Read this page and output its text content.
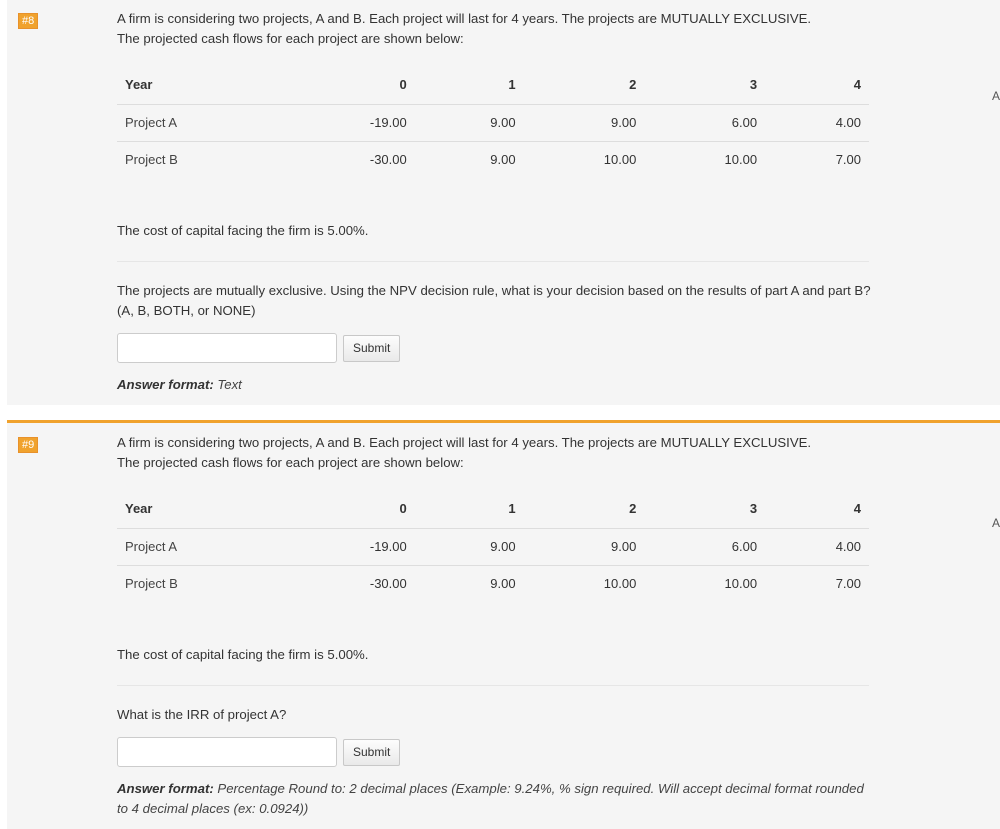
#8
A
A firm is considering two projects, A and B. Each project will last for 4 years. The projects are MUTUALLY EXCLUSIVE.
The projected cash flows for each project are shown below:
Year	0	1	2	3	4
Project A	-19.00	9.00	9.00	6.00	4.00
Project B	-30.00	9.00	10.00	10.00	7.00
The cost of capital facing the firm is 5.00%.
The projects are mutually exclusive. Using the NPV decision rule, what is your decision based on the results of part A and part B? (A, B, BOTH, or NONE)
Submit
Answer format: Text
#9
A
A firm is considering two projects, A and B. Each project will last for 4 years. The projects are MUTUALLY EXCLUSIVE.
The projected cash flows for each project are shown below:
Year	0	1	2	3	4
Project A	-19.00	9.00	9.00	6.00	4.00
Project B	-30.00	9.00	10.00	10.00	7.00
The cost of capital facing the firm is 5.00%.
What is the IRR of project A?
Submit
Answer format: Percentage Round to: 2 decimal places (Example: 9.24%, % sign required. Will accept decimal format rounded to 4 decimal places (ex: 0.0924))
